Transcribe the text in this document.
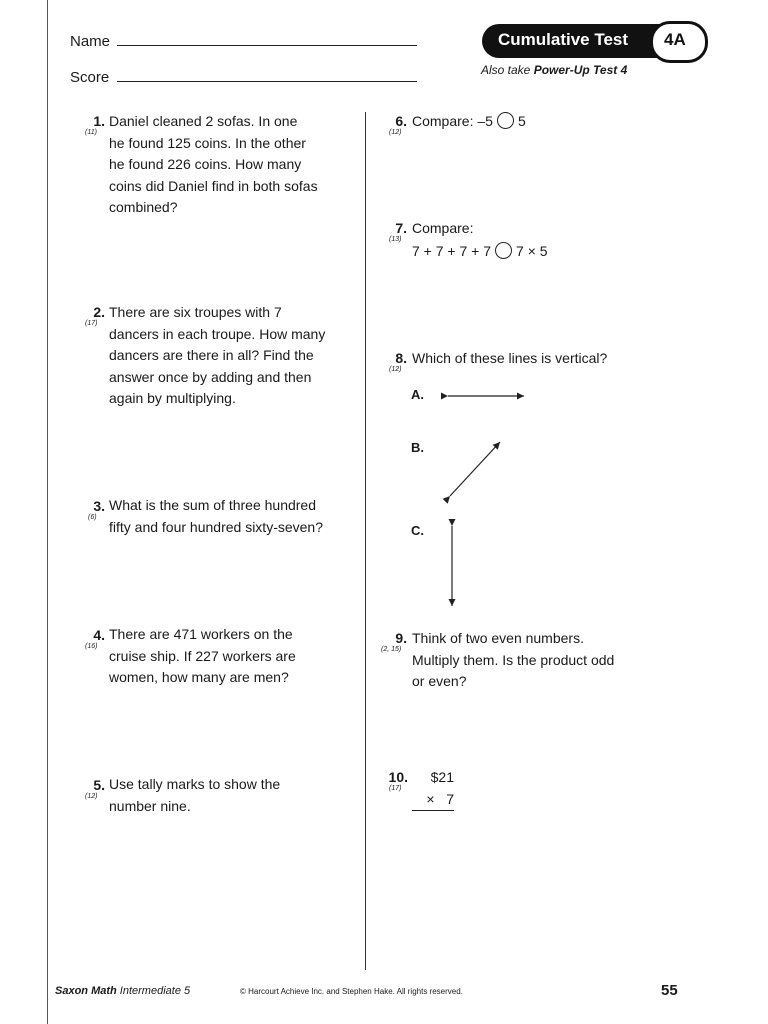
Name
Score
Cumulative Test 4A
Also take Power-Up Test 4
1.
(11)
Daniel cleaned 2 sofas. In one
he found 125 coins. In the other
he found 226 coins. How many
coins did Daniel find in both sofas
combined?
2.
(17)
There are six troupes with 7
dancers in each troupe. How many
dancers are there in all? Find the
answer once by adding and then
again by multiplying.
3.
(6)
What is the sum of three hundred
fifty and four hundred sixty-seven?
4.
(16)
There are 471 workers on the
cruise ship. If 227 workers are
women, how many are men?
5.
(12)
Use tally marks to show the
number nine.
6.
(12)
Compare: –5 5
7.
(13)
Compare:
7 + 7 + 7 + 7 7 × 5
8.
(12)
Which of these lines is vertical?
A.
B.
C.
9.
(2, 15)
Think of two even numbers.
Multiply them. Is the product odd
or even?
10.
(17)
$21
×   7
Saxon Math Intermediate 5	© Harcourt Achieve Inc. and Stephen Hake. All rights reserved.	55
